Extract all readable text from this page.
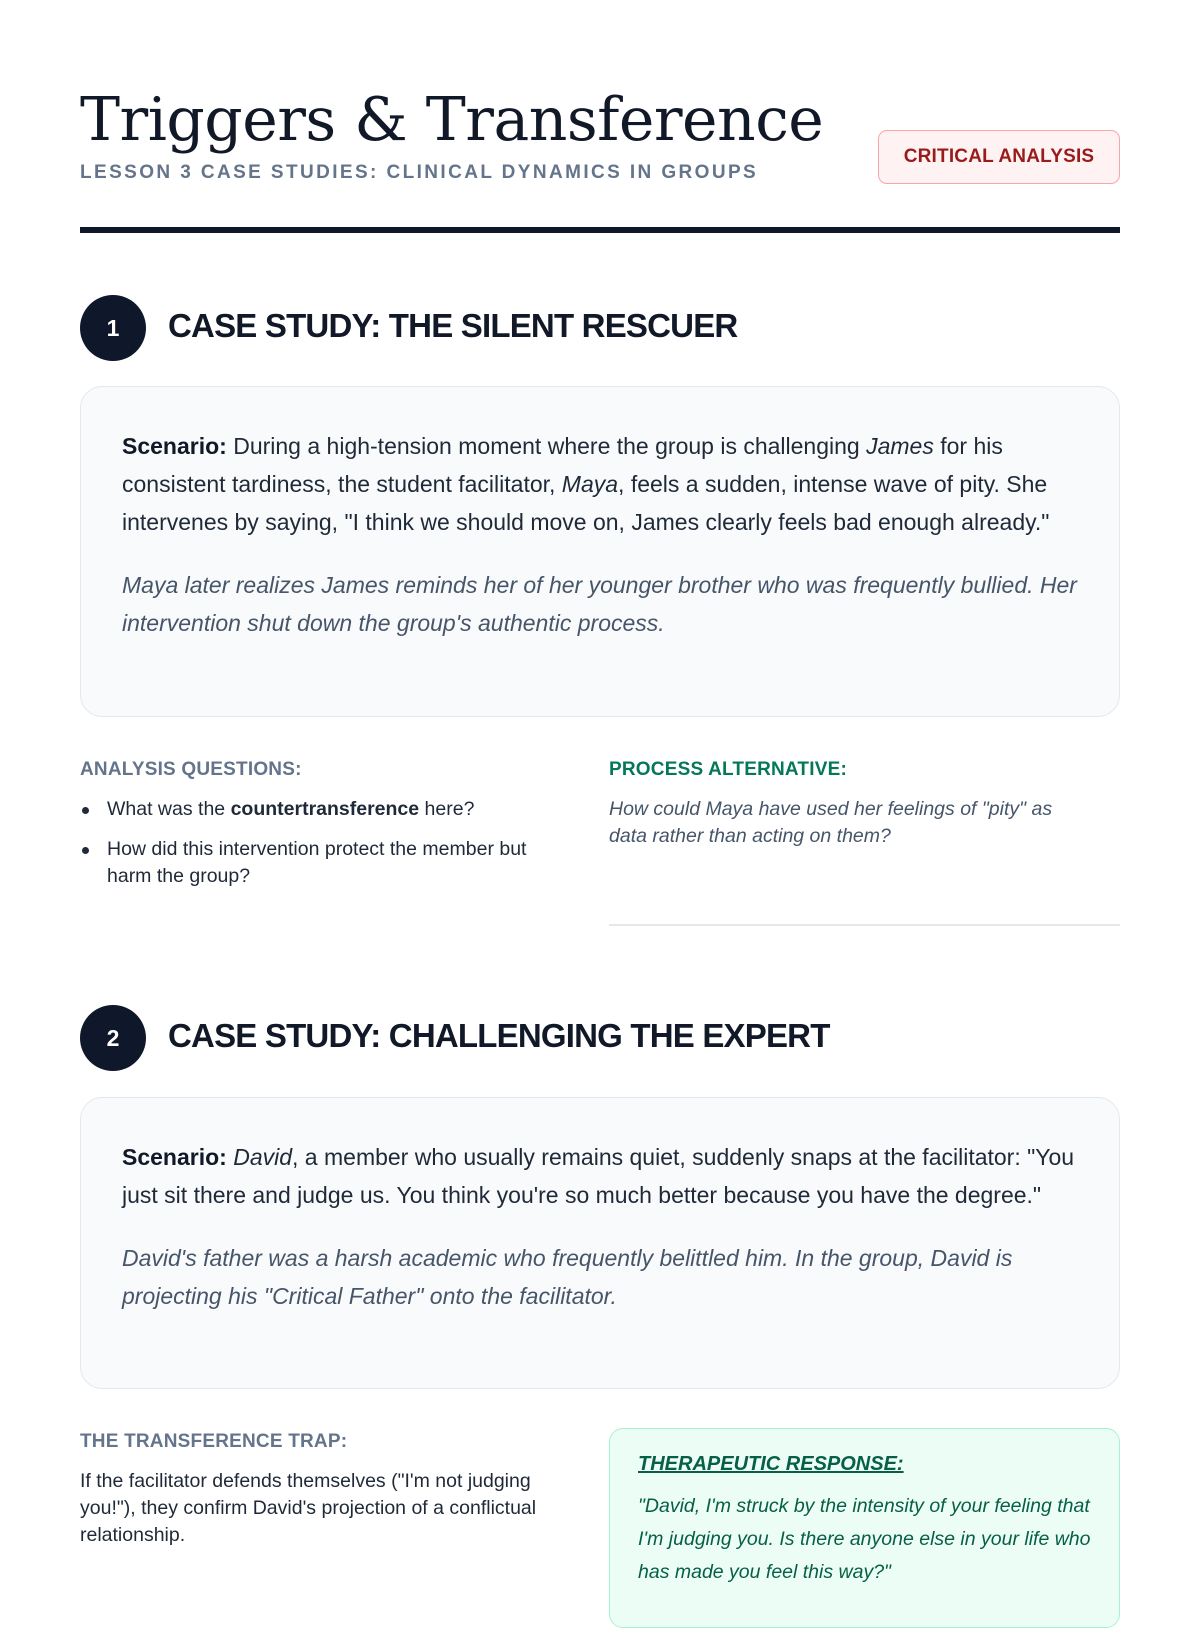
Triggers & Transference
LESSON 3 CASE STUDIES: CLINICAL DYNAMICS IN GROUPS
CRITICAL ANALYSIS
1	CASE STUDY: THE SILENT RESCUER

Scenario: During a high-tension moment where the group is challenging James for his consistent tardiness, the student facilitator, Maya, feels a sudden, intense wave of pity. She intervenes by saying, "I think we should move on, James clearly feels bad enough already."

Maya later realizes James reminds her of her younger brother who was frequently bullied. Her intervention shut down the group's authentic process.

ANALYSIS QUESTIONS:
What was the countertransference here?
How did this intervention protect the member but harm the group?
PROCESS ALTERNATIVE:
How could Maya have used her feelings of "pity" as data rather than acting on them?
2	CASE STUDY: CHALLENGING THE EXPERT

Scenario: David, a member who usually remains quiet, suddenly snaps at the facilitator: "You just sit there and judge us. You think you're so much better because you have the degree."

David's father was a harsh academic who frequently belittled him. In the group, David is projecting his "Critical Father" onto the facilitator.

THE TRANSFERENCE TRAP:
If the facilitator defends themselves ("I'm not judging you!"), they confirm David's projection of a conflictual relationship.
THERAPEUTIC RESPONSE:
"David, I'm struck by the intensity of your feeling that I'm judging you. Is there anyone else in your life who has made you feel this way?"
